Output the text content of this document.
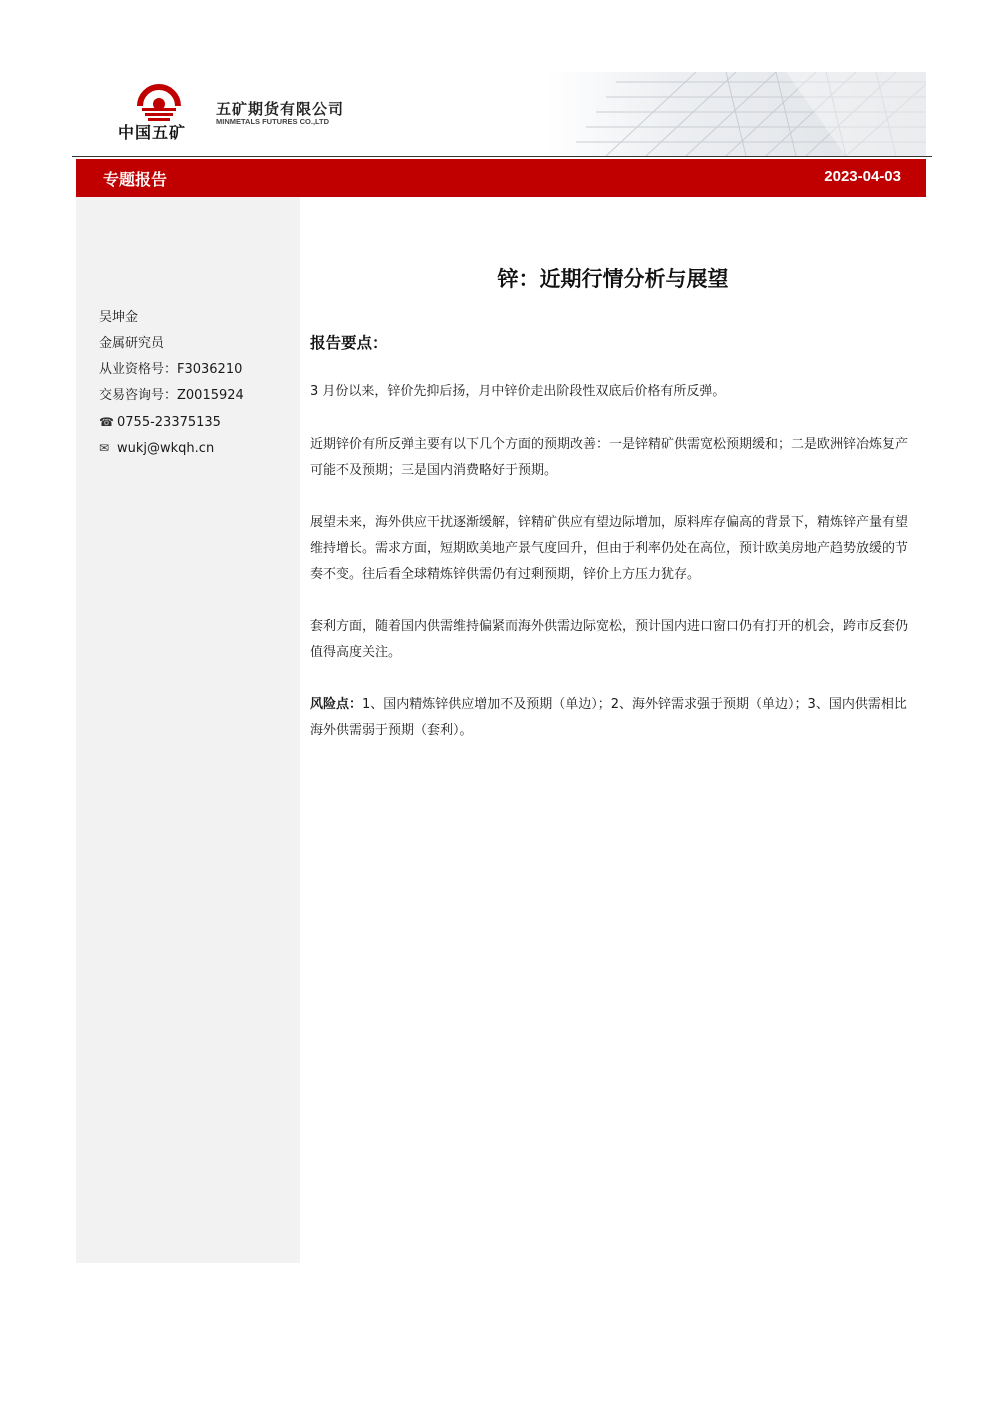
中国五矿
五矿期货有限公司
MINMETALS FUTURES CO.,LTD
专题报告	2023-04-03
吴坤金
金属研究员
从业资格号：F3036210
交易咨询号：Z0015924
☎ 0755-23375135
✉ wukj@wkqh.cn
锌：近期行情分析与展望
报告要点：

3 月份以来，锌价先抑后扬，月中锌价走出阶段性双底后价格有所反弹。

近期锌价有所反弹主要有以下几个方面的预期改善：一是锌精矿供需宽松预期缓和；二是欧洲锌冶炼复产可能不及预期；三是国内消费略好于预期。

展望未来，海外供应干扰逐渐缓解，锌精矿供应有望边际增加，原料库存偏高的背景下，精炼锌产量有望维持增长。需求方面，短期欧美地产景气度回升，但由于利率仍处在高位，预计欧美房地产趋势放缓的节奏不变。往后看全球精炼锌供需仍有过剩预期，锌价上方压力犹存。

套利方面，随着国内供需维持偏紧而海外供需边际宽松，预计国内进口窗口仍有打开的机会，跨市反套仍值得高度关注。

风险点：1、国内精炼锌供应增加不及预期（单边）；2、海外锌需求强于预期（单边）；3、国内供需相比海外供需弱于预期（套利）。
